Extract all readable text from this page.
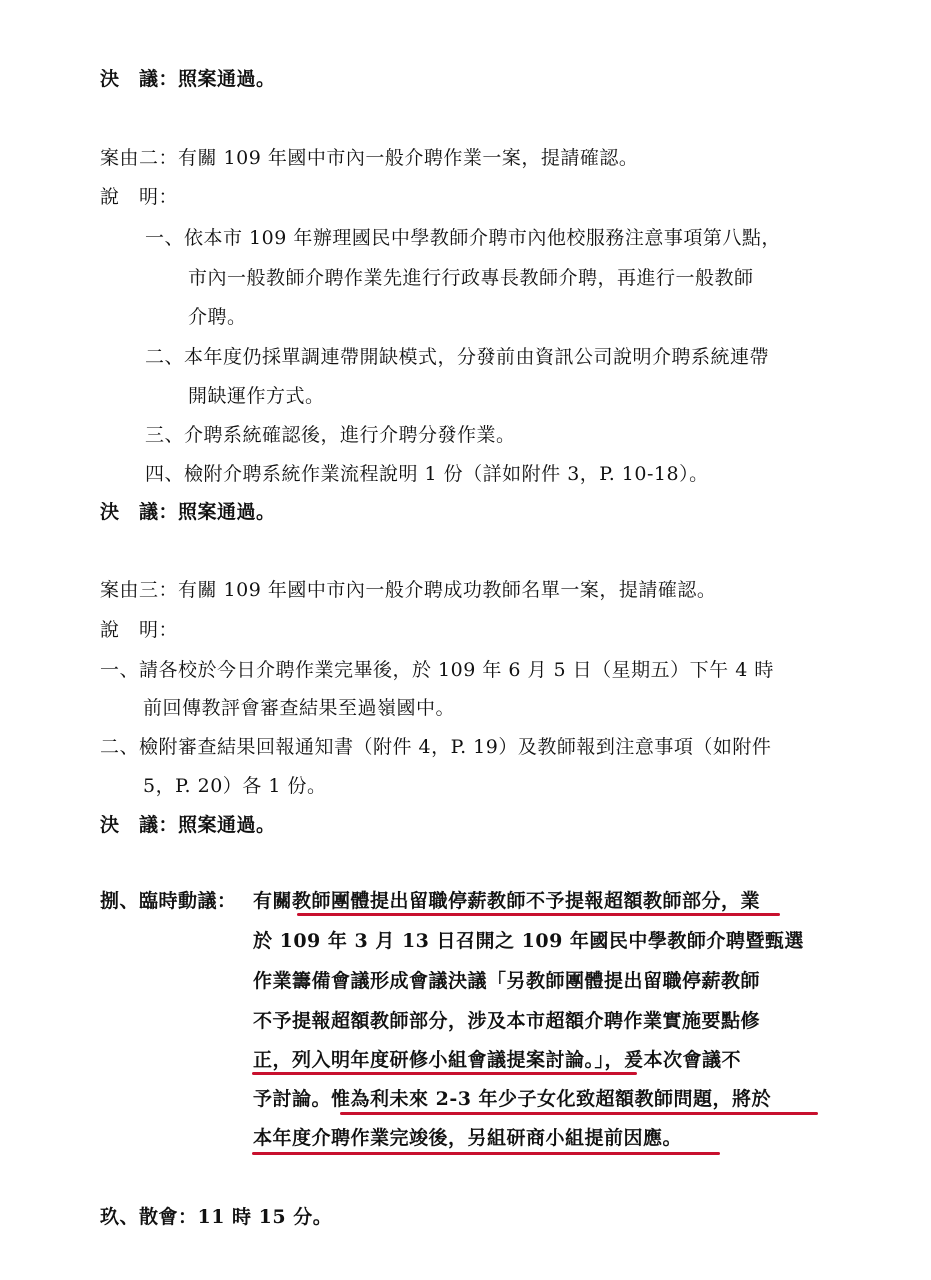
決　議：照案通過。
案由二：有關 109 年國中市內一般介聘作業一案，提請確認。
說　明：
一、依本市 109 年辦理國民中學教師介聘市內他校服務注意事項第八點，
市內一般教師介聘作業先進行行政專長教師介聘，再進行一般教師
介聘。
二、本年度仍採單調連帶開缺模式，分發前由資訊公司說明介聘系統連帶
開缺運作方式。
三、介聘系統確認後，進行介聘分發作業。
四、檢附介聘系統作業流程說明 1 份（詳如附件 3，P. 10-18）。
決　議：照案通過。
案由三：有關 109 年國中市內一般介聘成功教師名單一案，提請確認。
說　明：
一、請各校於今日介聘作業完畢後，於 109 年 6 月 5 日（星期五）下午 4 時
前回傳教評會審查結果至過嶺國中。
二、檢附審查結果回報通知書（附件 4，P. 19）及教師報到注意事項（如附件
5，P. 20）各 1 份。
決　議：照案通過。
捌、臨時動議： 有關教師團體提出留職停薪教師不予提報超額教師部分，業
於 109 年 3 月 13 日召開之 109 年國民中學教師介聘暨甄選
作業籌備會議形成會議決議「另教師團體提出留職停薪教師
不予提報超額教師部分，涉及本市超額介聘作業實施要點修
正，列入明年度研修小組會議提案討論。」，爰本次會議不
予討論。惟為利未來 2-3 年少子女化致超額教師問題，將於
本年度介聘作業完竣後，另組研商小組提前因應。
玖、散會：11 時 15 分。
